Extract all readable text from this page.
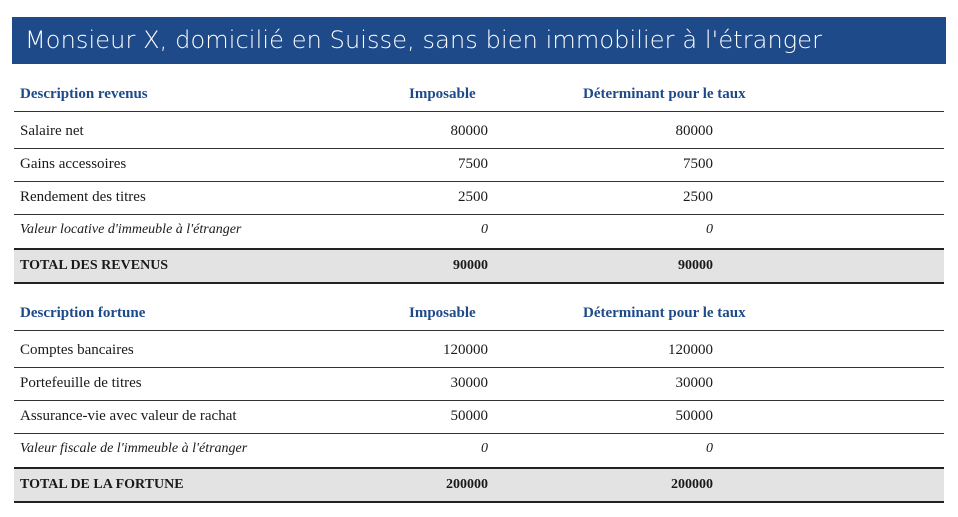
Monsieur X, domicilié en Suisse, sans bien immobilier à l'étranger
Description revenus	Imposable	Déterminant pour le taux
Salaire net	80000	80000
Gains accessoires	7500	7500
Rendement des titres	2500	2500
Valeur locative d'immeuble à l'étranger	0	0
TOTAL DES REVENUS	90000	90000
Description fortune	Imposable	Déterminant pour le taux
Comptes bancaires	120000	120000
Portefeuille de titres	30000	30000
Assurance-vie avec valeur de rachat	50000	50000
Valeur fiscale de l'immeuble à l'étranger	0	0
TOTAL DE LA FORTUNE	200000	200000
